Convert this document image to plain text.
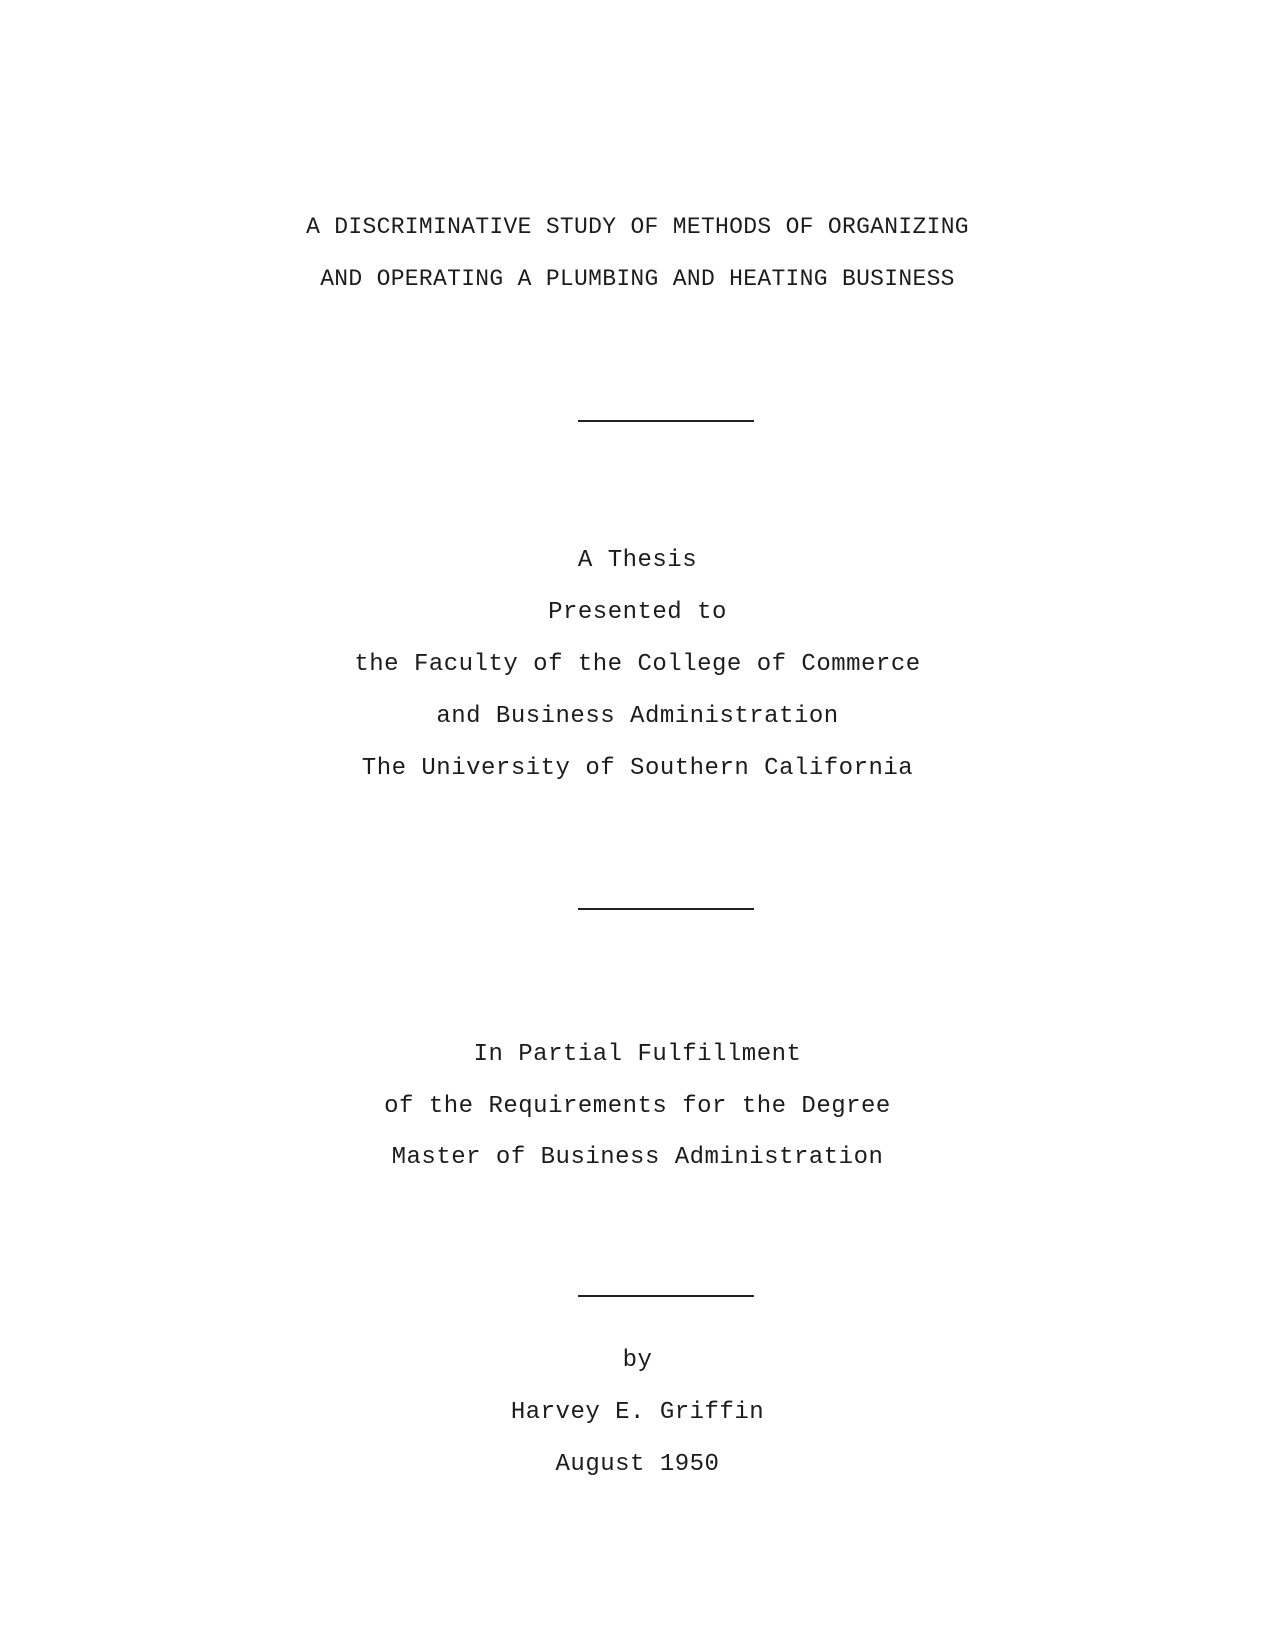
A DISCRIMINATIVE STUDY OF METHODS OF ORGANIZING
AND OPERATING A PLUMBING AND HEATING BUSINESS
A Thesis
Presented to
the Faculty of the College of Commerce
and Business Administration
The University of Southern California
In Partial Fulfillment
of the Requirements for the Degree
Master of Business Administration
by
Harvey E. Griffin
August 1950
